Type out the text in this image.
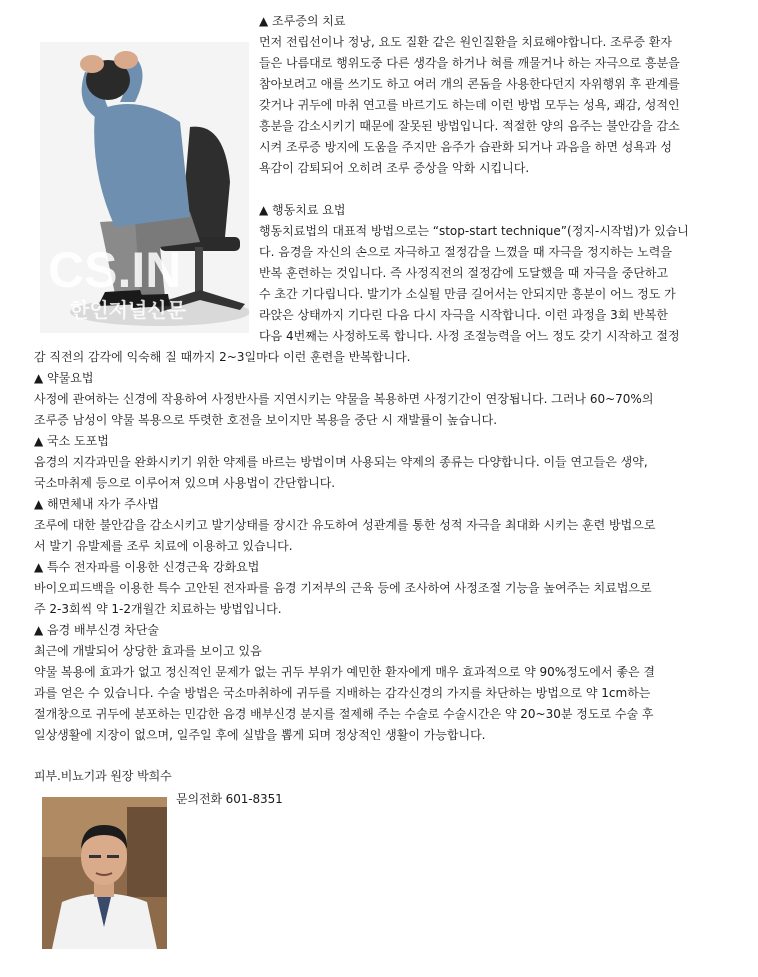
CS.IN
한인저널신문

▲ 조루증의 치료

먼저 전립선이나 정낭, 요도 질환 같은 원인질환을 치료해야합니다. 조루증 환자

들은 나름대로 행위도중 다른 생각을 하거나 혀를 깨물거나 하는 자극으로 흥분을

참아보려고 애를 쓰기도 하고 여러 개의 콘돔을 사용한다던지 자위행위 후 관계를

갖거나 귀두에 마취 연고를 바르기도 하는데 이런 방법 모두는 성욕, 쾌감, 성적인

흥분을 감소시키기 때문에 잘못된 방법입니다. 적절한 양의 음주는 불안감을 감소

시켜 조루증 방지에 도움을 주지만 음주가 습관화 되거나 과음을 하면 성욕과 성

욕감이 감퇴되어 오히려 조루 증상을 악화 시킵니다.

▲ 행동치료 요법

행동치료법의 대표적 방법으로는 “stop-start technique”(정지-시작법)가 있습니

다. 음경을 자신의 손으로 자극하고 절정감을 느꼈을 때 자극을 정지하는 노력을

반복 훈련하는 것입니다. 즉 사정직전의 절정감에 도달했을 때 자극을 중단하고

수 초간 기다립니다. 발기가 소실될 만큼 길어서는 안되지만 흥분이 어느 정도 가

라앉은 상태까지 기다린 다음 다시 자극을 시작합니다. 이런 과정을 3회 반복한

다음 4번째는 사정하도록 합니다. 사정 조절능력을 어느 정도 갖기 시작하고 절정

감 직전의 감각에 익숙해 질 때까지 2~3일마다 이런 훈련을 반복합니다.

▲ 약물요법

사정에 관여하는 신경에 작용하여 사정반사를 지연시키는 약물을 복용하면 사정기간이 연장됩니다. 그러나 60~70%의

조루증 남성이 약물 복용으로 뚜렷한 호전을 보이지만 복용을 중단 시 재발률이 높습니다.

▲ 국소 도포법

음경의 지각과민을 완화시키기 위한 약제를 바르는 방법이며 사용되는 약제의 종류는 다양합니다. 이들 연고들은 생약,

국소마취제 등으로 이루어져 있으며 사용법이 간단합니다.

▲ 해면체내 자가 주사법

조루에 대한 불안감을 감소시키고 발기상태를 장시간 유도하여 성관계를 통한 성적 자극을 최대화 시키는 훈련 방법으로

서 발기 유발제를 조루 치료에 이용하고 있습니다.

▲ 특수 전자파를 이용한 신경근육 강화요법

바이오피드백을 이용한 특수 고안된 전자파를 음경 기저부의 근육 등에 조사하여 사정조절 기능을 높여주는 치료법으로

주 2-3회씩 약 1-2개월간 치료하는 방법입니다.

▲ 음경 배부신경 차단술

최근에 개발되어 상당한 효과를 보이고 있음

약물 복용에 효과가 없고 정신적인 문제가 없는 귀두 부위가 예민한 환자에게 매우 효과적으로 약 90%정도에서 좋은 결

과를 얻은 수 있습니다. 수술 방법은 국소마취하에 귀두를 지배하는 감각신경의 가지를 차단하는 방법으로 약 1cm하는

절개창으로 귀두에 분포하는 민감한 음경 배부신경 분지를 절제해 주는 수술로 수술시간은 약 20~30분 정도로 수술 후

일상생활에 지장이 없으며, 일주일 후에 실밥을 뽑게 되며 정상적인 생활이 가능합니다.

피부.비뇨기과 원장 박희수
문의전화 601-8351
